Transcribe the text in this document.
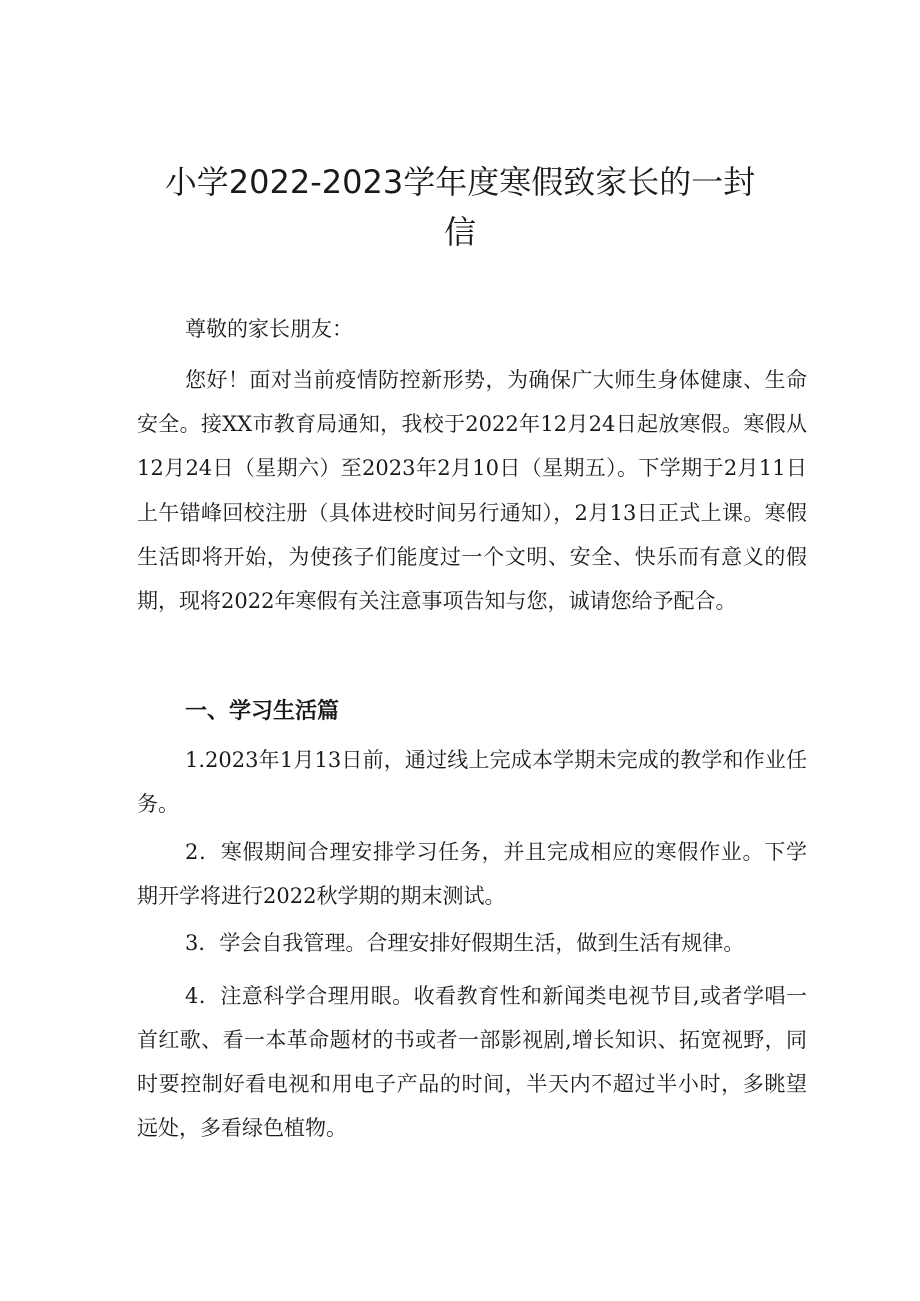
小学2022-2023学年度寒假致家长的一封
信

尊敬的家长朋友：

您好！面对当前疫情防控新形势，为确保广大师生身体健康、生命安全。接XX市教育局通知，我校于2022年12月24日起放寒假。寒假从12月24日（星期六）至2023年2月10日（星期五）。下学期于2月11日上午错峰回校注册（具体进校时间另行通知），2月13日正式上课。寒假生活即将开始，为使孩子们能度过一个文明、安全、快乐而有意义的假期，现将2022年寒假有关注意事项告知与您，诚请您给予配合。

一、学习生活篇

1.2023年1月13日前，通过线上完成本学期未完成的教学和作业任务。

2．寒假期间合理安排学习任务，并且完成相应的寒假作业。下学期开学将进行2022秋学期的期末测试。

3．学会自我管理。合理安排好假期生活，做到生活有规律。

4．注意科学合理用眼。收看教育性和新闻类电视节目,或者学唱一首红歌、看一本革命题材的书或者一部影视剧,增长知识、拓宽视野，同时要控制好看电视和用电子产品的时间，半天内不超过半小时，多眺望远处，多看绿色植物。
